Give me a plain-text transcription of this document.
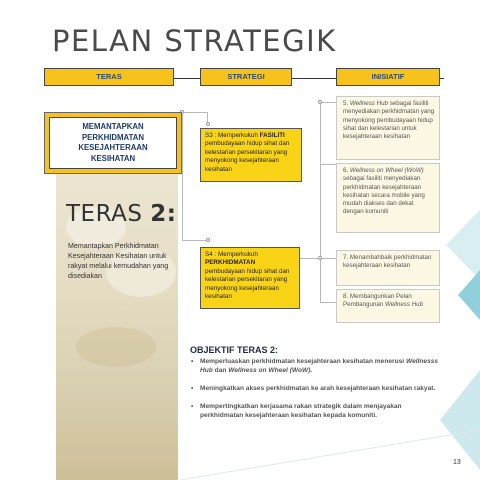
PELAN STRATEGIK
TERAS	STRATEGI	INISIATIF
MEMANTAPKAN
PERKHIDMATAN
KESEJAHTERAAN
KESIHATAN
TERAS 2:
Memantapkan Perkhidmatan Kesejahteraan Kesihatan untuk rakyat melalui kemudahan yang disediakan
S3 : Memperkukuh FASILITI pembudayaan hidup sihat dan kelestarian persekitaran yang menyokong kesejahteraan kesihatan
S4 : Memperkukuh PERKHIDMATAN pembudayaan hidup sihat dan kelestarian persekitaran yang menyokong kesejahteraan kesihatan
5. Wellness Hub sebagai fasiliti menyediakan perkhidmatan yang menyokong pembudayaan hidup sihat dan kelestarian untuk kesejahteraan kesihatan
6. Wellness on Wheel (WoW) sebagai fasiliti menyediakan perkhidmatan kesejahteraan kesihatan secara mobile yang mudah diakses dan dekat dengan komuniti
7. Menambahbaik perkhidmatan kesejahteraan kesihatan
8. Membangunkan Pelan Pembangunan Wellness Hub
OBJEKTIF TERAS 2:
• Memperluaskan perkhidmatan kesejahteraan kesihatan menerusi Wellnesss Hub dan Wellness on Wheel (WoW).
• Meningkatkan akses perkhidmatan ke arah kesejahteraan kesihatan rakyat.
• Mempertingkatkan kerjasama rakan strategik dalam menjayakan perkhidmatan kesejahteraan kesihatan kepada komuniti.
13
